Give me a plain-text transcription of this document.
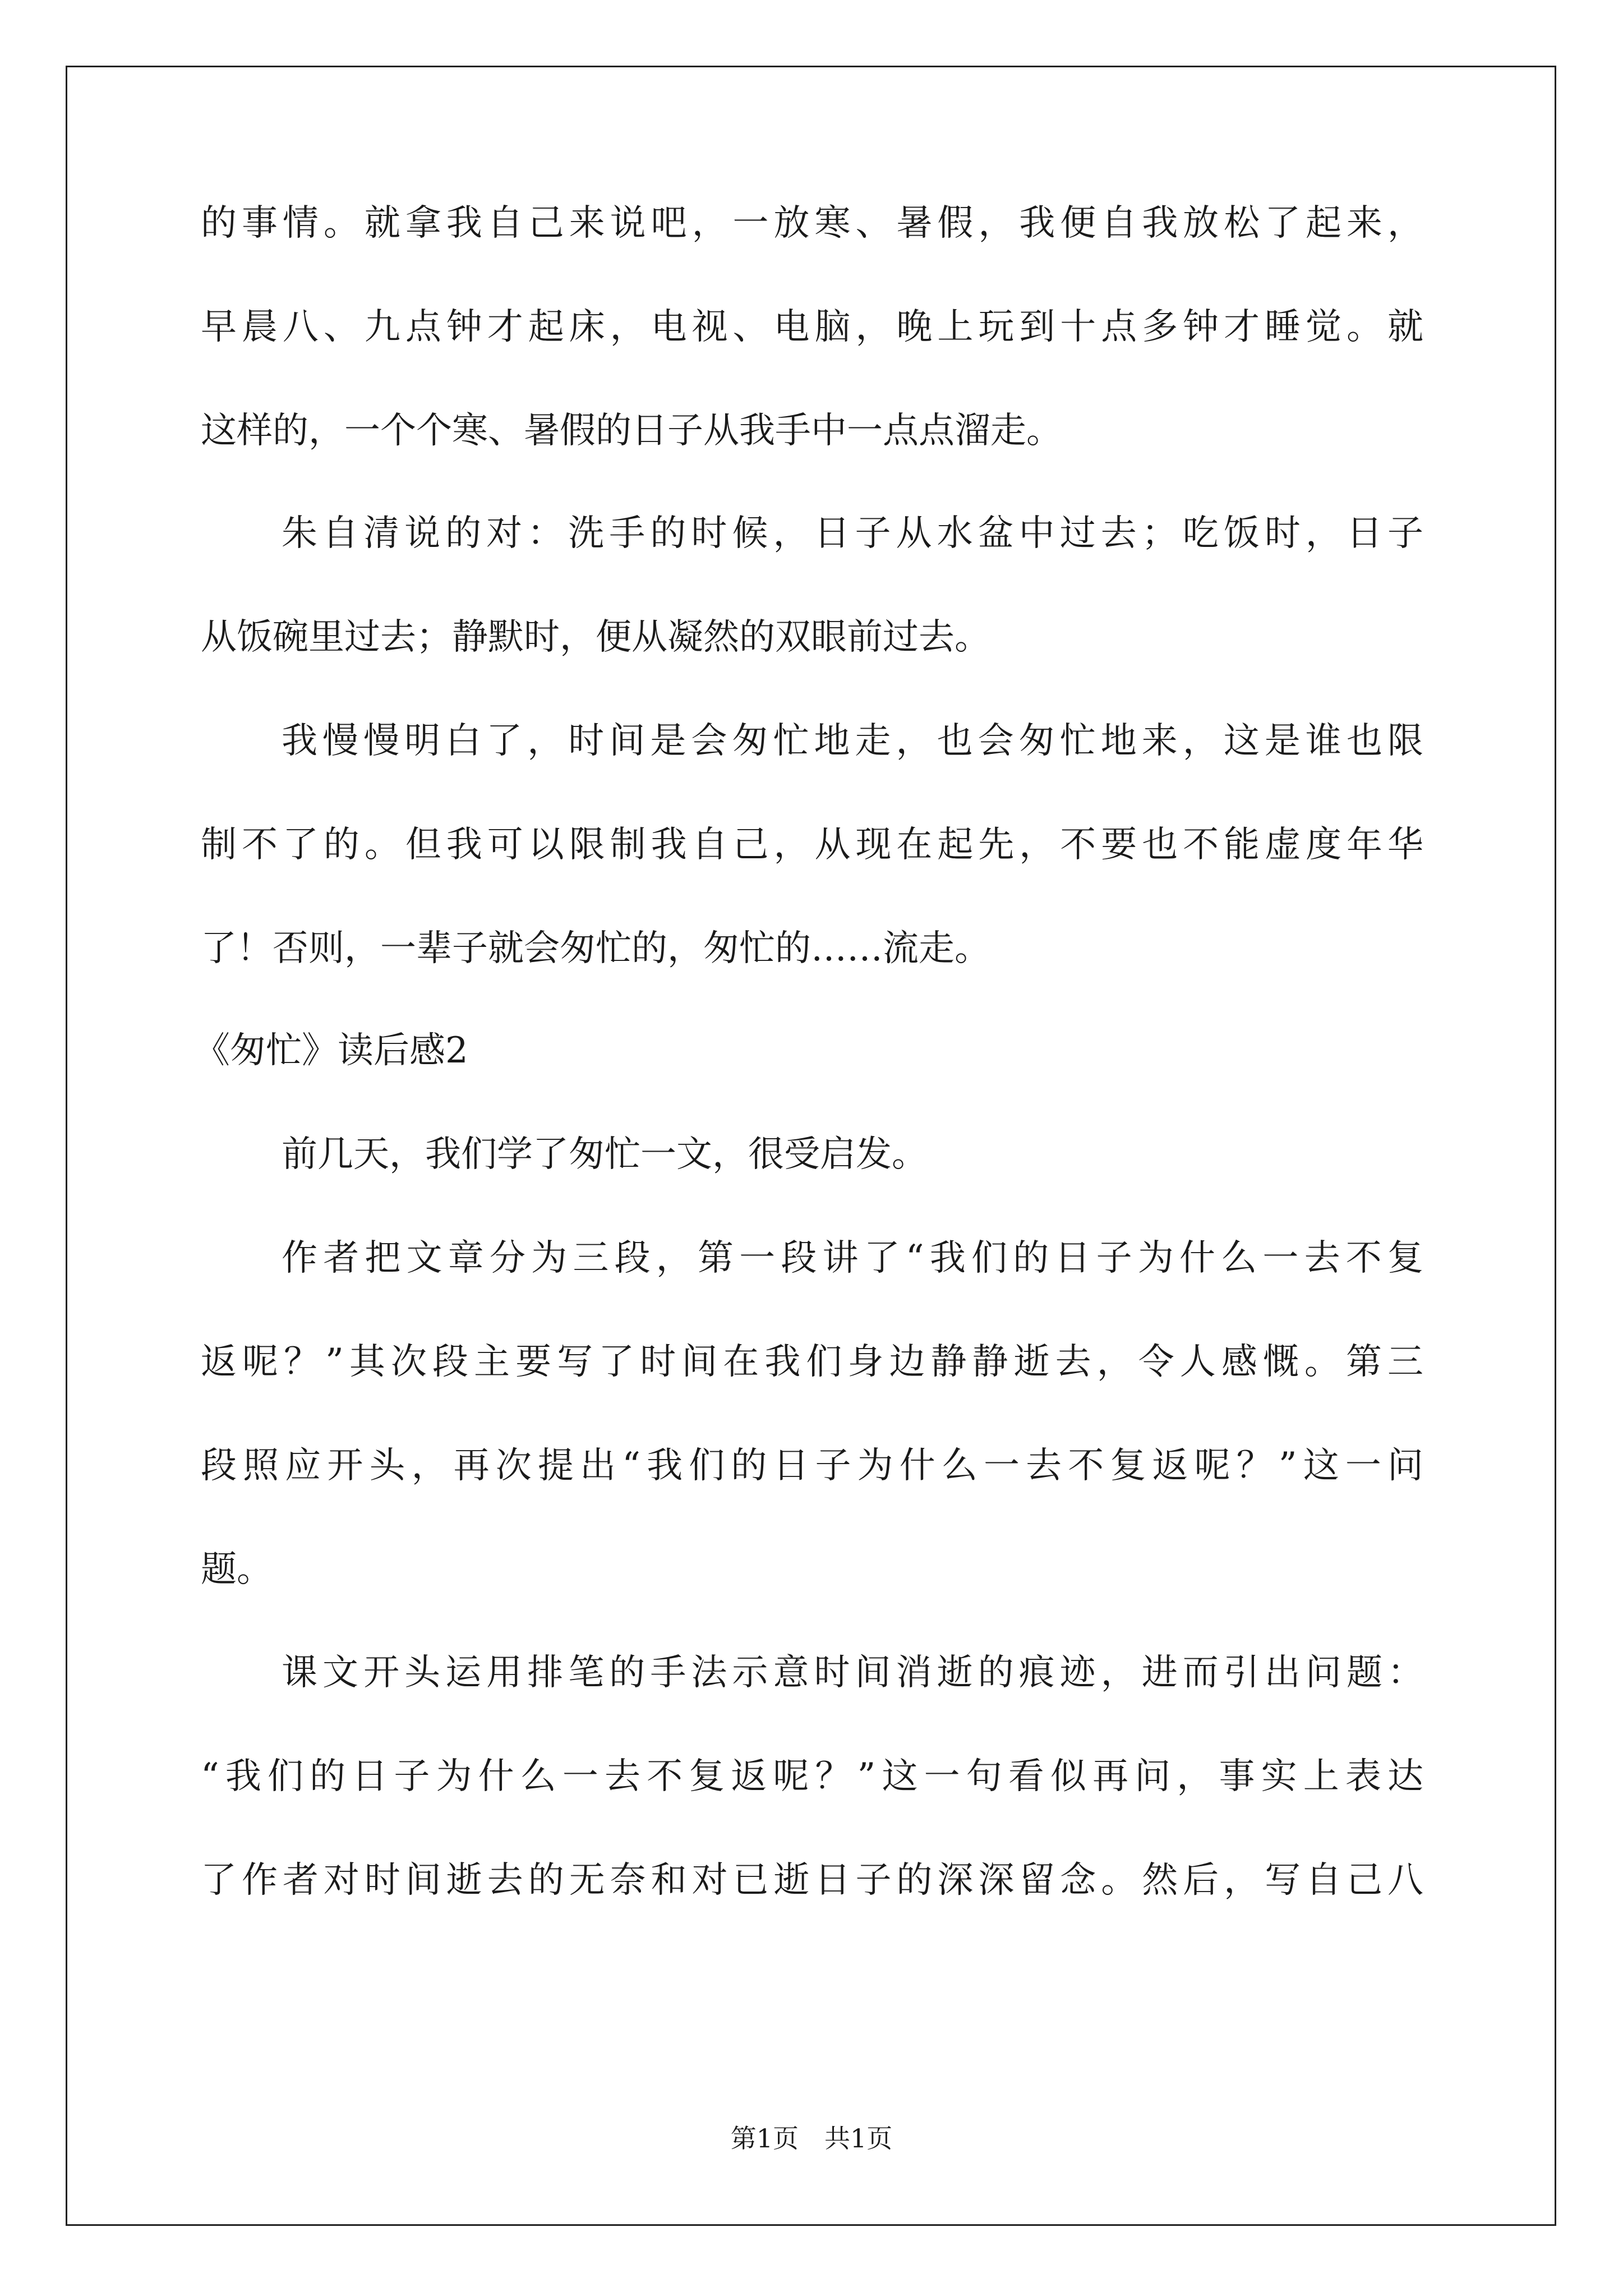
的事情。就拿我自己来说吧，一放寒、暑假，我便自我放松了起来，
早晨八、九点钟才起床，电视、电脑，晚上玩到十点多钟才睡觉。就
这样的，一个个寒、暑假的日子从我手中一点点溜走。
朱自清说的对：洗手的时候，日子从水盆中过去；吃饭时，日子
从饭碗里过去；静默时，便从凝然的双眼前过去。
我慢慢明白了，时间是会匆忙地走，也会匆忙地来，这是谁也限
制不了的。但我可以限制我自己，从现在起先，不要也不能虚度年华
了！否则，一辈子就会匆忙的，匆忙的……流走。
《匆忙》读后感2
前几天，我们学了匆忙一文，很受启发。
作者把文章分为三段，第一段讲了“我们的日子为什么一去不复
返呢？”其次段主要写了时间在我们身边静静逝去，令人感慨。第三
段照应开头，再次提出“我们的日子为什么一去不复返呢？”这一问
题。
课文开头运用排笔的手法示意时间消逝的痕迹，进而引出问题：
“我们的日子为什么一去不复返呢？”这一句看似再问，事实上表达
了作者对时间逝去的无奈和对已逝日子的深深留念。然后，写自己八
第1页　共1页
